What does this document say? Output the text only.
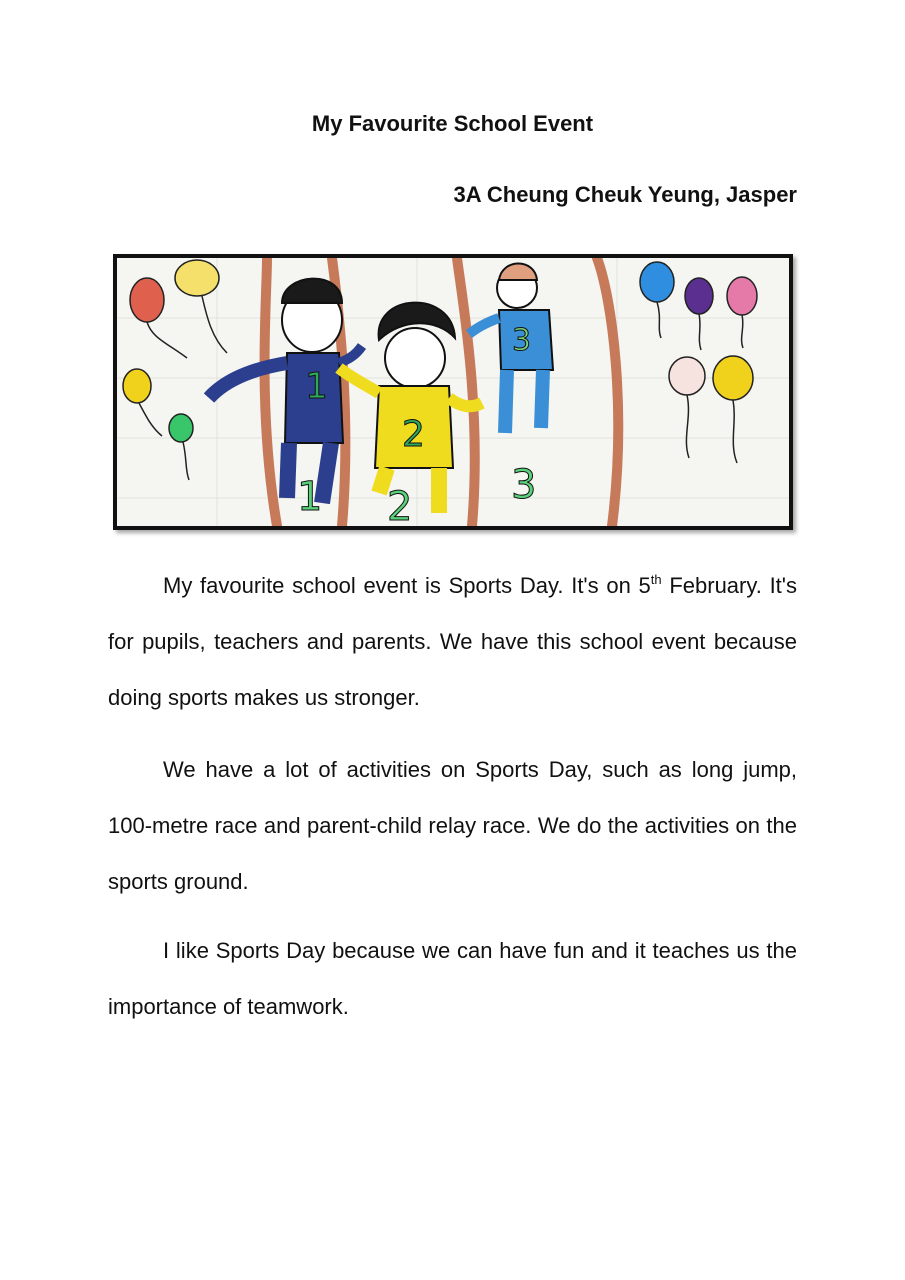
My Favourite School Event
3A Cheung Cheuk Yeung, Jasper
1
1
2
2
3
3

My favourite school event is Sports Day. It's on 5th February. It's for pupils, teachers and parents. We have this school event because doing sports makes us stronger.

We have a lot of activities on Sports Day, such as long jump, 100-metre race and parent-child relay race. We do the activities on the sports ground.

I like Sports Day because we can have fun and it teaches us the importance of teamwork.
